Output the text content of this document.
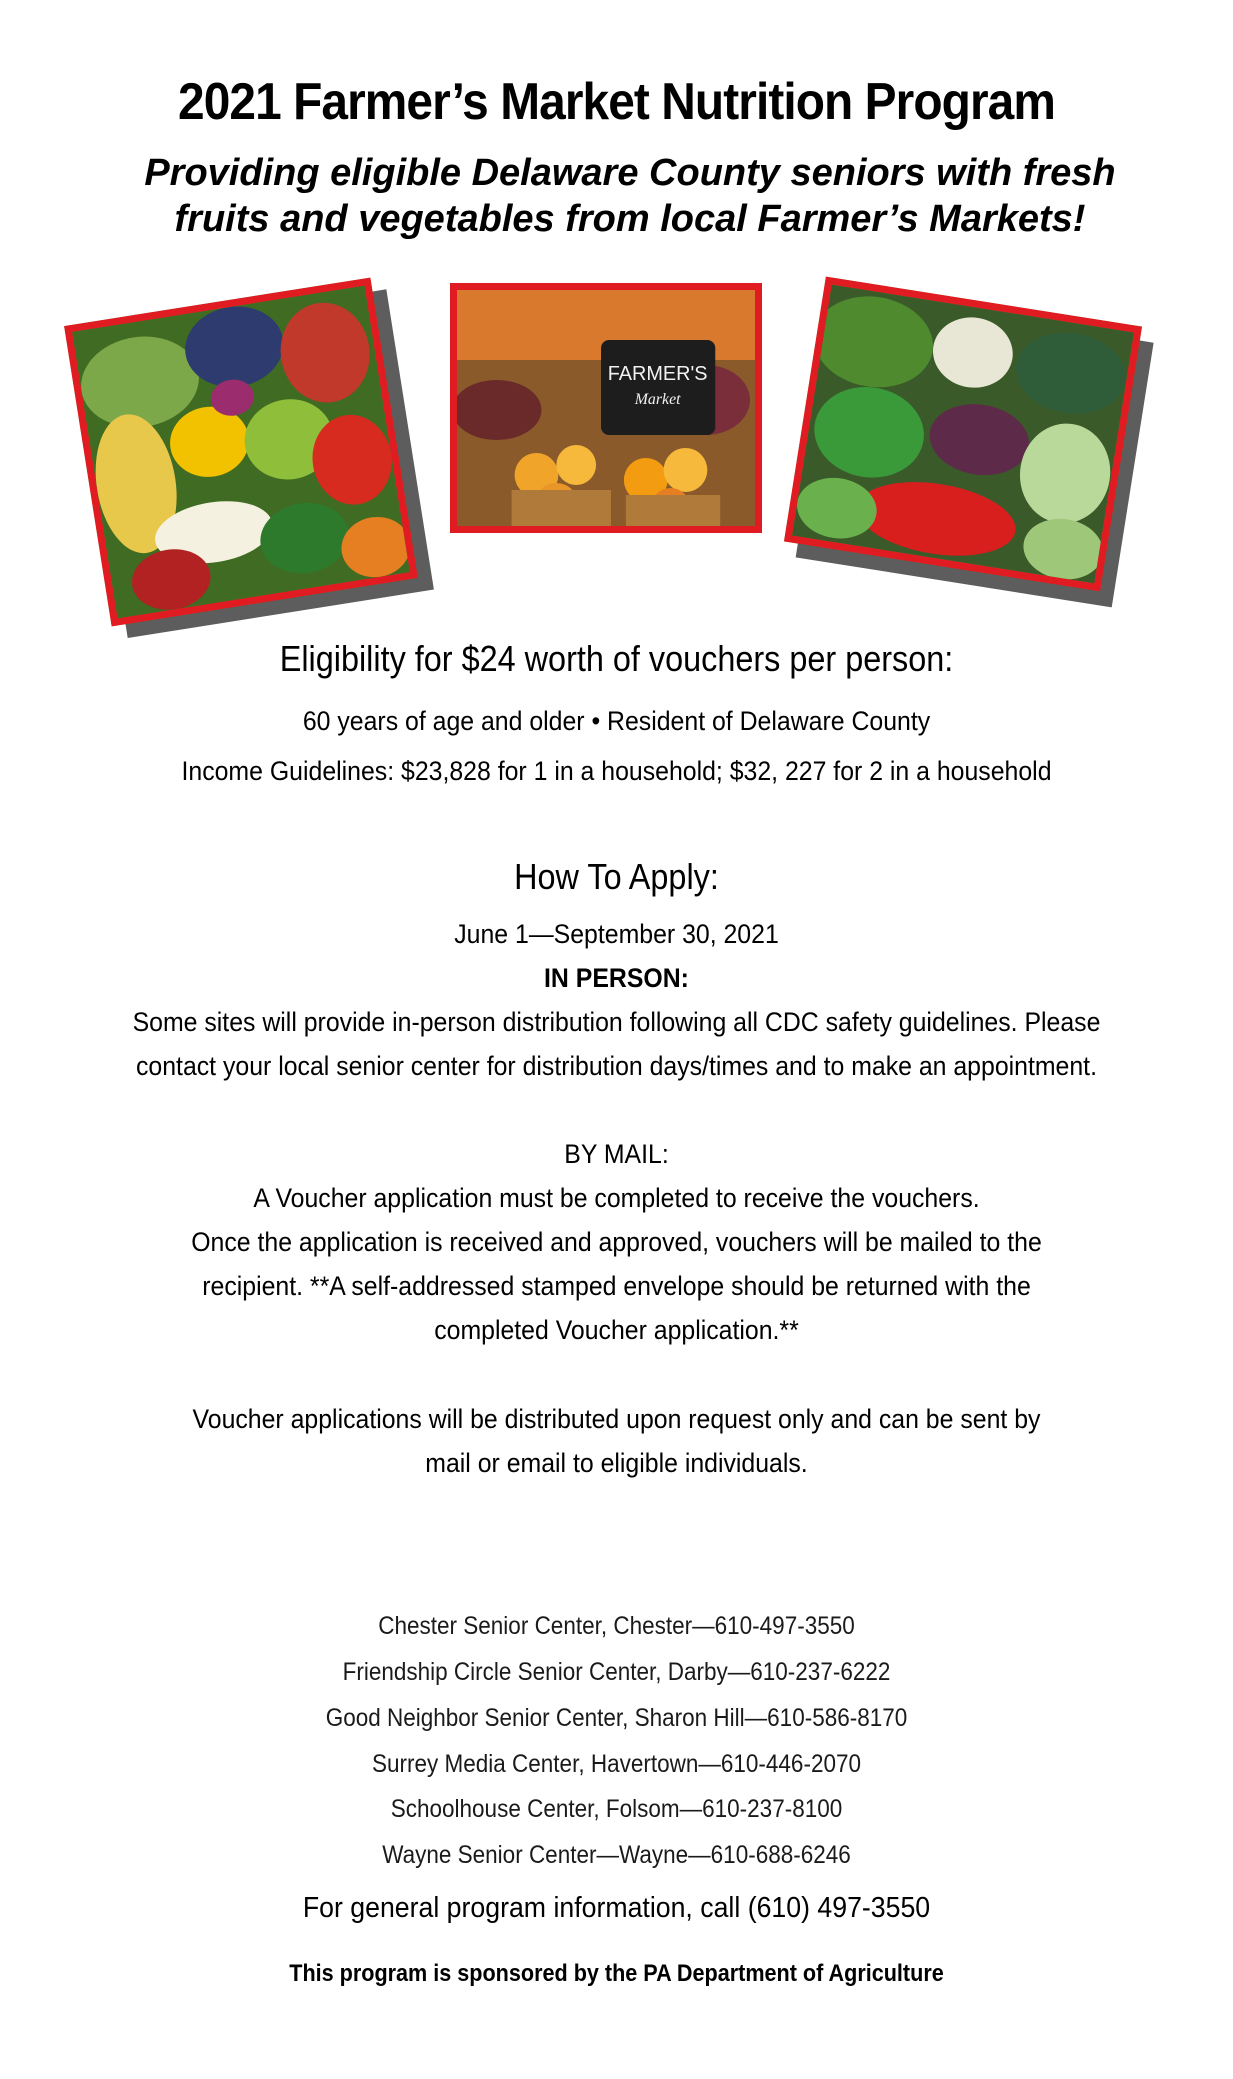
2021 Farmer’s Market Nutrition Program
Providing eligible Delaware County seniors with fresh
fruits and vegetables from local Farmer’s Markets!
FARMER'S
Market
Eligibility for $24 worth of vouchers per person:
60 years of age and older • Resident of Delaware County
Income Guidelines: $23,828 for 1 in a household; $32, 227 for 2 in a household
How To Apply:
June 1—September 30, 2021
IN PERSON:
Some sites will provide in-person distribution following all CDC safety guidelines. Please
contact your local senior center for distribution days/times and to make an appointment.
BY MAIL:
A Voucher application must be completed to receive the vouchers.
Once the application is received and approved, vouchers will be mailed to the
recipient. **A self-addressed stamped envelope should be returned with the
completed Voucher application.**
Voucher applications will be distributed upon request only and can be sent by
mail or email to eligible individuals.
Chester Senior Center, Chester—610-497-3550
Friendship Circle Senior Center, Darby—610-237-6222
Good Neighbor Senior Center, Sharon Hill—610-586-8170
Surrey Media Center, Havertown—610-446-2070
Schoolhouse Center, Folsom—610-237-8100
Wayne Senior Center—Wayne—610-688-6246
For general program information, call (610) 497-3550
This program is sponsored by the PA Department of Agriculture
